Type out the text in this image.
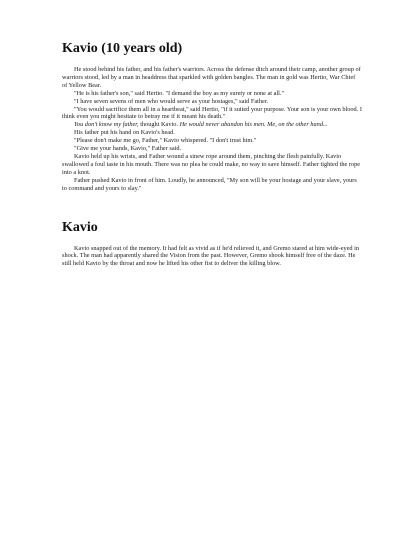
Kavio (10 years old)

He stood behind his father, and his father's warriors. Across the defense ditch around their camp, another group of warriors stood, led by a man in headdress that sparkled with golden bangles. The man in gold was Hertio, War Chief of Yellow Bear.

"He is his father's son," said Hertio. "I demand the boy as my surety or none at all."

"I have seven sevens of men who would serve as your hostages," said Father.

"You would sacrifice them all in a heartbeat," said Hertio, "if it suited your purpose. Your son is your own blood. I think even you might hesitate to betray me if it meant his death."

You don't know my father, thought Kavio. He would never abandon his men. Me, on the other hand...

His father put his hand on Kavio's head.

"Please don't make me go, Father," Kavio whispered. "I don't trust him."

"Give me your hands, Kavio," Father said.

Kavio held up his wrists, and Father wound a sinew rope around them, pinching the flesh painfully. Kavio swallowed a foul taste in his mouth. There was no plea he could make, no way to save himself. Father tighted the rope into a knot.

Father pushed Kavio in front of him. Loudly, he announced, "My son will be your hostage and your slave, yours to command and yours to slay."

Kavio

Kavio snapped out of the memory. It had felt as vivid as if he'd relieved it, and Gremo stared at him wide-eyed in shock. The man had apparently shared the Vision from the past. However, Gremo shook himself free of the daze. He still held Kavio by the throat and now he lifted his other fist to deliver the killing blow.
